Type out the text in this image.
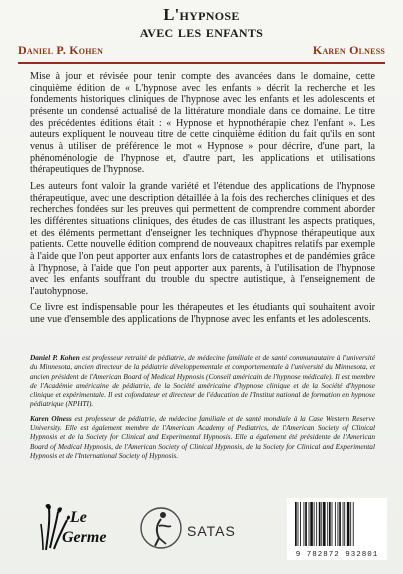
L'hypnose
avec les enfants
Daniel P. Kohen	Karen Olness

Mise à jour et révisée pour tenir compte des avancées dans le domaine, cette cinquième édition de « L'hypnose avec les enfants » décrit la recherche et les fondements historiques cliniques de l'hypnose avec les enfants et les adolescents et présente un condensé actualisé de la littérature mondiale dans ce domaine. Le titre des précédentes éditions était : « Hypnose et hypnothérapie chez l'enfant ». Les auteurs expliquent le nouveau titre de cette cinquième édition du fait qu'ils en sont venus à utiliser de préférence le mot « Hypnose » pour décrire, d'une part, la phénoménologie de l'hypnose et, d'autre part, les applications et utilisations thérapeutiques de l'hypnose.

Les auteurs font valoir la grande variété et l'étendue des applications de l'hypnose thérapeutique, avec une description détaillée à la fois des recherches cliniques et des recherches fondées sur les preuves qui permettent de comprendre comment aborder les différentes situations cliniques, des études de cas illustrant les aspects pratiques, et des éléments permettant d'enseigner les techniques d'hypnose thérapeutique aux patients. Cette nouvelle édition comprend de nouveaux chapitres relatifs par exemple à l'aide que l'on peut apporter aux enfants lors de catastrophes et de pandémies grâce à l'hypnose, à l'aide que l'on peut apporter aux parents, à l'utilisation de l'hypnose avec les enfants souffrant du trouble du spectre autistique, à l'enseignement de l'autohypnose.

Ce livre est indispensable pour les thérapeutes et les étudiants qui souhaitent avoir une vue d'ensemble des applications de l'hypnose avec les enfants et les adolescents.

Daniel P. Kohen est professeur retraité de pédiatrie, de médecine familiale et de santé communautaire à l'université du Minnesota, ancien directeur de la pédiatrie développementale et comportementale à l'université du Minnesota, et ancien président de l'American Board of Medical Hypnosis (Conseil américain de l'hypnose médicale). Il est membre de l'Académie américaine de pédiatrie, de la Société américaine d'hypnose clinique et de la Société d'hypnose clinique et expérimentale. Il est cofondateur et directeur de l'éducation de l'Institut national de formation en hypnose pédiatrique (NPHTI).

Karen Olness est professeur de pédiatrie, de médecine familiale et de santé mondiale à la Case Western Reserve University. Elle est également membre de l'American Academy of Pediatrics, de l'American Society of Clinical Hypnosis et de la Society for Clinical and Experimental Hypnosis. Elle a également été présidente de l'American Board of Medical Hypnosis, de l'American Society of Clinical Hypnosis, de la Society for Clinical and Experimental Hypnosis et de l'International Society of Hypnosis.

Le
Germe	SATAS
9 782872 932801
